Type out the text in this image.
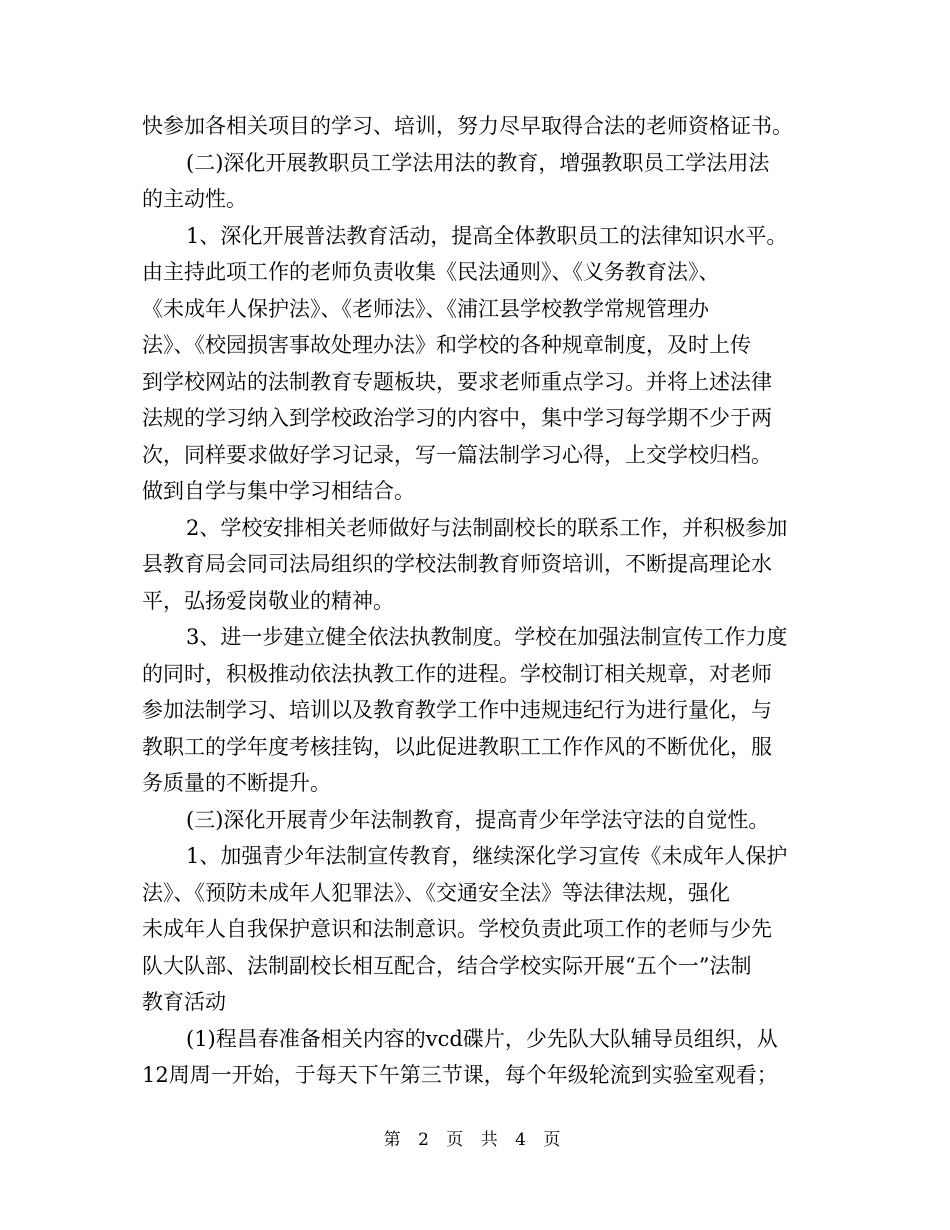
快参加各相关项目的学习、培训，努力尽早取得合法的老师资格证书。
(二)深化开展教职员工学法用法的教育，增强教职员工学法用法
的主动性。
1、深化开展普法教育活动，提高全体教职员工的法律知识水平。
由主持此项工作的老师负责收集《民法通则》、《义务教育法》、
《未成年人保护法》、《老师法》、《浦江县学校教学常规管理办
法》、《校园损害事故处理办法》和学校的各种规章制度，及时上传
到学校网站的法制教育专题板块，要求老师重点学习。并将上述法律
法规的学习纳入到学校政治学习的内容中，集中学习每学期不少于两
次，同样要求做好学习记录，写一篇法制学习心得，上交学校归档。
做到自学与集中学习相结合。
2、学校安排相关老师做好与法制副校长的联系工作，并积极参加
县教育局会同司法局组织的学校法制教育师资培训，不断提高理论水
平，弘扬爱岗敬业的精神。
3、进一步建立健全依法执教制度。学校在加强法制宣传工作力度
的同时，积极推动依法执教工作的进程。学校制订相关规章，对老师
参加法制学习、培训以及教育教学工作中违规违纪行为进行量化，与
教职工的学年度考核挂钩，以此促进教职工工作作风的不断优化，服
务质量的不断提升。
(三)深化开展青少年法制教育，提高青少年学法守法的自觉性。
1、加强青少年法制宣传教育，继续深化学习宣传《未成年人保护
法》、《预防未成年人犯罪法》、《交通安全法》等法律法规，强化
未成年人自我保护意识和法制意识。学校负责此项工作的老师与少先
队大队部、法制副校长相互配合，结合学校实际开展“五个一”法制
教育活动
(1)程昌春准备相关内容的vcd碟片，少先队大队辅导员组织，从
12周周一开始，于每天下午第三节课，每个年级轮流到实验室观看；
第 2 页 共 4 页
